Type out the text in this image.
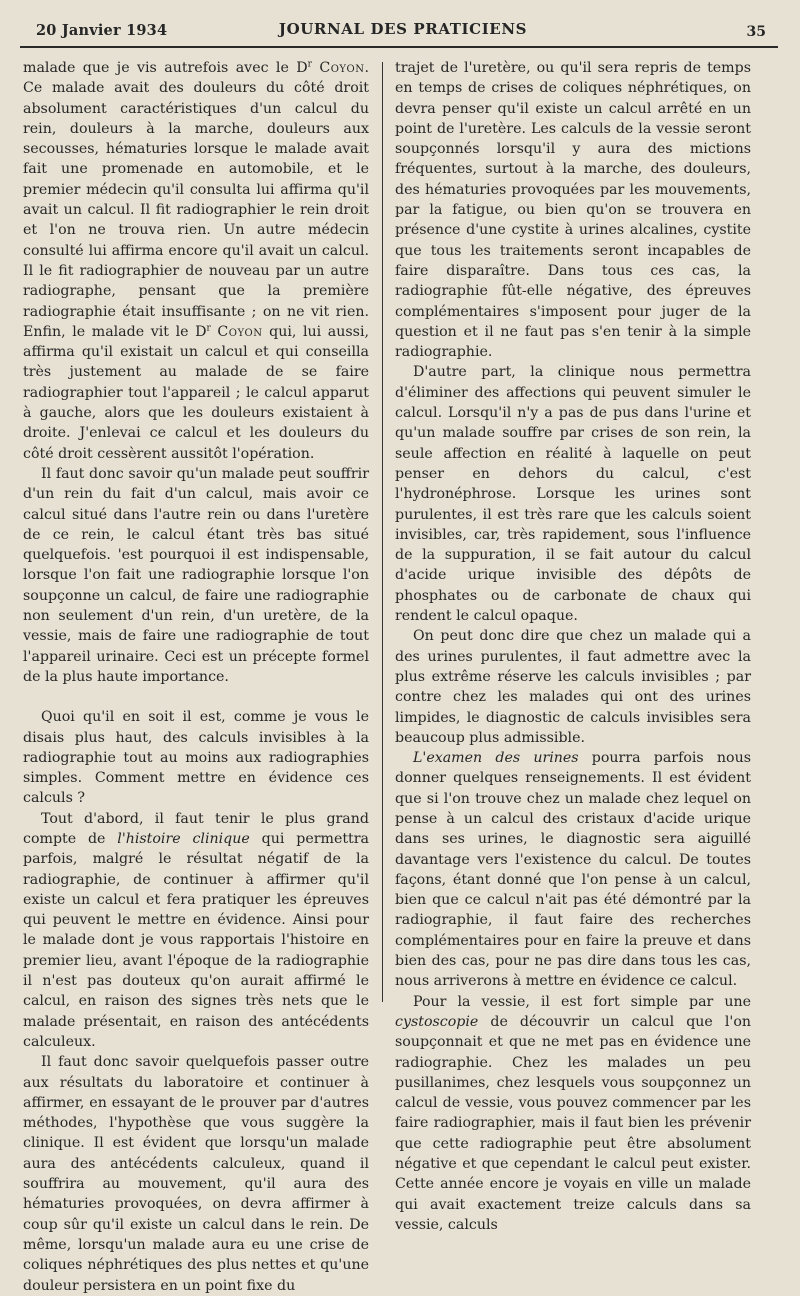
20 Janvier 1934	JOURNAL DES PRATICIENS	35

malade que je vis autrefois avec le $D^r$ Coyon. Ce malade avait des douleurs du côté droit absolument caractéristiques d'un calcul du rein, douleurs à la marche, douleurs aux secousses, hématuries lorsque le malade avait fait une promenade en automobile, et le premier médecin qu'il consulta lui affirma qu'il avait un calcul. Il fit radiographier le rein droit et l'on ne trouva rien. Un autre médecin consulté lui affirma encore qu'il avait un calcul. Il le fit radiographier de nouveau par un autre radiographe, pensant que la première radiographie était insuffisante ; on ne vit rien. Enfin, le malade vit le $D^r$ Coyon qui, lui aussi, affirma qu'il existait un calcul et qui conseilla très justement au malade de se faire radiographier tout l'appareil ; le calcul apparut à gauche, alors que les douleurs existaient à droite. J'enlevai ce calcul et les douleurs du côté droit cessèrent aussitôt l'opération.

Il faut donc savoir qu'un malade peut souffrir d'un rein du fait d'un calcul, mais avoir ce calcul situé dans l'autre rein ou dans l'uretère de ce rein, le calcul étant très bas situé quelquefois. 'est pourquoi il est indispensable, lorsque l'on fait une radiographie lorsque l'on soupçonne un calcul, de faire une radiographie non seulement d'un rein, d'un uretère, de la vessie, mais de faire une radiographie de tout l'appareil urinaire. Ceci est un précepte formel de la plus haute importance.

Quoi qu'il en soit il est, comme je vous le disais plus haut, des calculs invisibles à la radiographie tout au moins aux radiographies simples. Comment mettre en évidence ces calculs ?

Tout d'abord, il faut tenir le plus grand compte de l'histoire clinique qui permettra parfois, malgré le résultat négatif de la radiographie, de continuer à affirmer qu'il existe un calcul et fera pratiquer les épreuves qui peuvent le mettre en évidence. Ainsi pour le malade dont je vous rapportais l'histoire en premier lieu, avant l'époque de la radiographie il n'est pas douteux qu'on aurait affirmé le calcul, en raison des signes très nets que le malade présentait, en raison des antécédents calculeux.

Il faut donc savoir quelquefois passer outre aux résultats du laboratoire et continuer à affirmer, en essayant de le prouver par d'autres méthodes, l'hypothèse que vous suggère la clinique. Il est évident que lorsqu'un malade aura des antécédents calculeux, quand il souffrira au mouvement, qu'il aura des hématuries provoquées, on devra affirmer à coup sûr qu'il existe un calcul dans le rein. De même, lorsqu'un malade aura eu une crise de coliques néphrétiques des plus nettes et qu'une douleur persistera en un point fixe du

trajet de l'uretère, ou qu'il sera repris de temps en temps de crises de coliques néphrétiques, on devra penser qu'il existe un calcul arrêté en un point de l'uretère. Les calculs de la vessie seront soupçonnés lorsqu'il y aura des mictions fréquentes, surtout à la marche, des douleurs, des hématuries provoquées par les mouvements, par la fatigue, ou bien qu'on se trouvera en présence d'une cystite à urines alcalines, cystite que tous les traitements seront incapables de faire disparaître. Dans tous ces cas, la radiographie fût-elle négative, des épreuves complémentaires s'imposent pour juger de la question et il ne faut pas s'en tenir à la simple radiographie.

D'autre part, la clinique nous permettra d'éliminer des affections qui peuvent simuler le calcul. Lorsqu'il n'y a pas de pus dans l'urine et qu'un malade souffre par crises de son rein, la seule affection en réalité à laquelle on peut penser en dehors du calcul, c'est l'hydronéphrose. Lorsque les urines sont purulentes, il est très rare que les calculs soient invisibles, car, très rapidement, sous l'influence de la suppuration, il se fait autour du calcul d'acide urique invisible des dépôts de phosphates ou de carbonate de chaux qui rendent le calcul opaque.

On peut donc dire que chez un malade qui a des urines purulentes, il faut admettre avec la plus extrême réserve les calculs invisibles ; par contre chez les malades qui ont des urines limpides, le diagnostic de calculs invisibles sera beaucoup plus admissible.

L'examen des urines pourra parfois nous donner quelques renseignements. Il est évident que si l'on trouve chez un malade chez lequel on pense à un calcul des cristaux d'acide urique dans ses urines, le diagnostic sera aiguillé davantage vers l'existence du calcul. De toutes façons, étant donné que l'on pense à un calcul, bien que ce calcul n'ait pas été démontré par la radiographie, il faut faire des recherches complémentaires pour en faire la preuve et dans bien des cas, pour ne pas dire dans tous les cas, nous arriverons à mettre en évidence ce calcul.

Pour la vessie, il est fort simple par une cystoscopie de découvrir un calcul que l'on soupçonnait et que ne met pas en évidence une radiographie. Chez les malades un peu pusillanimes, chez lesquels vous soupçonnez un calcul de vessie, vous pouvez commencer par les faire radiographier, mais il faut bien les prévenir que cette radiographie peut être absolument négative et que cependant le calcul peut exister. Cette année encore je voyais en ville un malade qui avait exactement treize calculs dans sa vessie, calculs
